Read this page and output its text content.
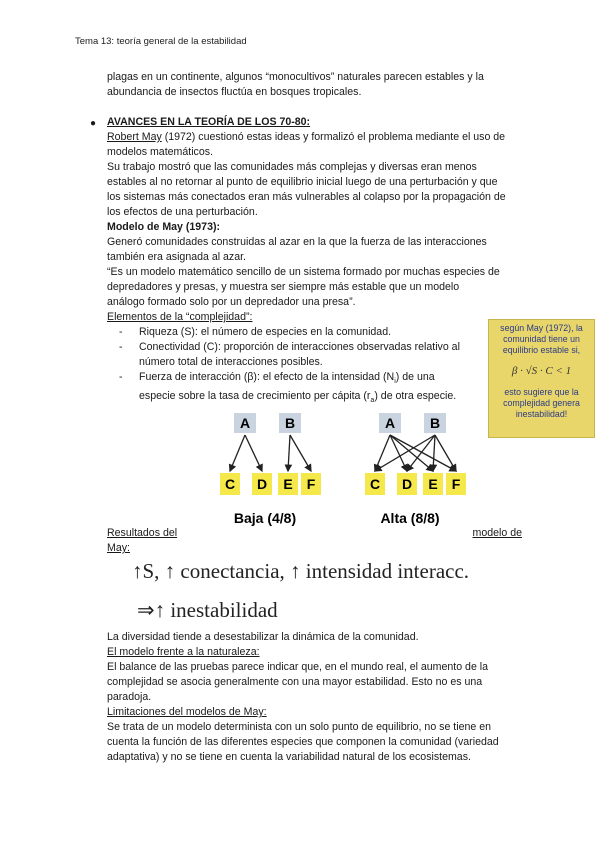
Tema 13: teoría general de la estabilidad
plagas en un continente, algunos “monocultivos” naturales parecen estables y la
abundancia de insectos fluctúa en bosques tropicales.
● AVANCES EN LA TEORÍA DE LOS 70-80:
Robert May (1972) cuestionó estas ideas y formalizó el problema mediante el uso de
modelos matemáticos.
Su trabajo mostró que las comunidades más complejas y diversas eran menos
estables al no retornar al punto de equilibrio inicial luego de una perturbación y que
los sistemas más conectados eran más vulnerables al colapso por la propagación de
los efectos de una perturbación.
Modelo de May (1973):
Generó comunidades construidas al azar en la que la fuerza de las interacciones
también era asignada al azar.
“Es un modelo matemático sencillo de un sistema formado por muchas especies de
depredadores y presas, y muestra ser siempre más estable que un modelo
análogo formado solo por un depredador una presa”.
Elementos de la “complejidad”:
- Riqueza (S): el número de especies en la comunidad.
- Conectividad (C): proporción de interacciones observadas relativo al
número total de interacciones posibles.
- Fuerza de interacción (β): el efecto de la intensidad $(N_i)$ de una
especie sobre la tasa de crecimiento per cápita $(r_a)$ de otra especie.
según May (1972), la comunidad tiene un equilibrio estable si,
β · √S · C < 1
esto sugiere que la complejidad genera inestabilidad!
A B
C D E F
A B
C D E F
Baja (4/8)	Alta (8/8)
Resultados del	modelo de
May:
↑S, ↑ conectancia, ↑ intensidad interacc.
⇒↑ inestabilidad
La diversidad tiende a desestabilizar la dinámica de la comunidad.
El modelo frente a la naturaleza:
El balance de las pruebas parece indicar que, en el mundo real, el aumento de la
complejidad se asocia generalmente con una mayor estabilidad. Esto no es una
paradoja.
Limitaciones del modelos de May:
Se trata de un modelo determinista con un solo punto de equilibrio, no se tiene en
cuenta la función de las diferentes especies que componen la comunidad (variedad
adaptativa) y no se tiene en cuenta la variabilidad natural de los ecosistemas.
